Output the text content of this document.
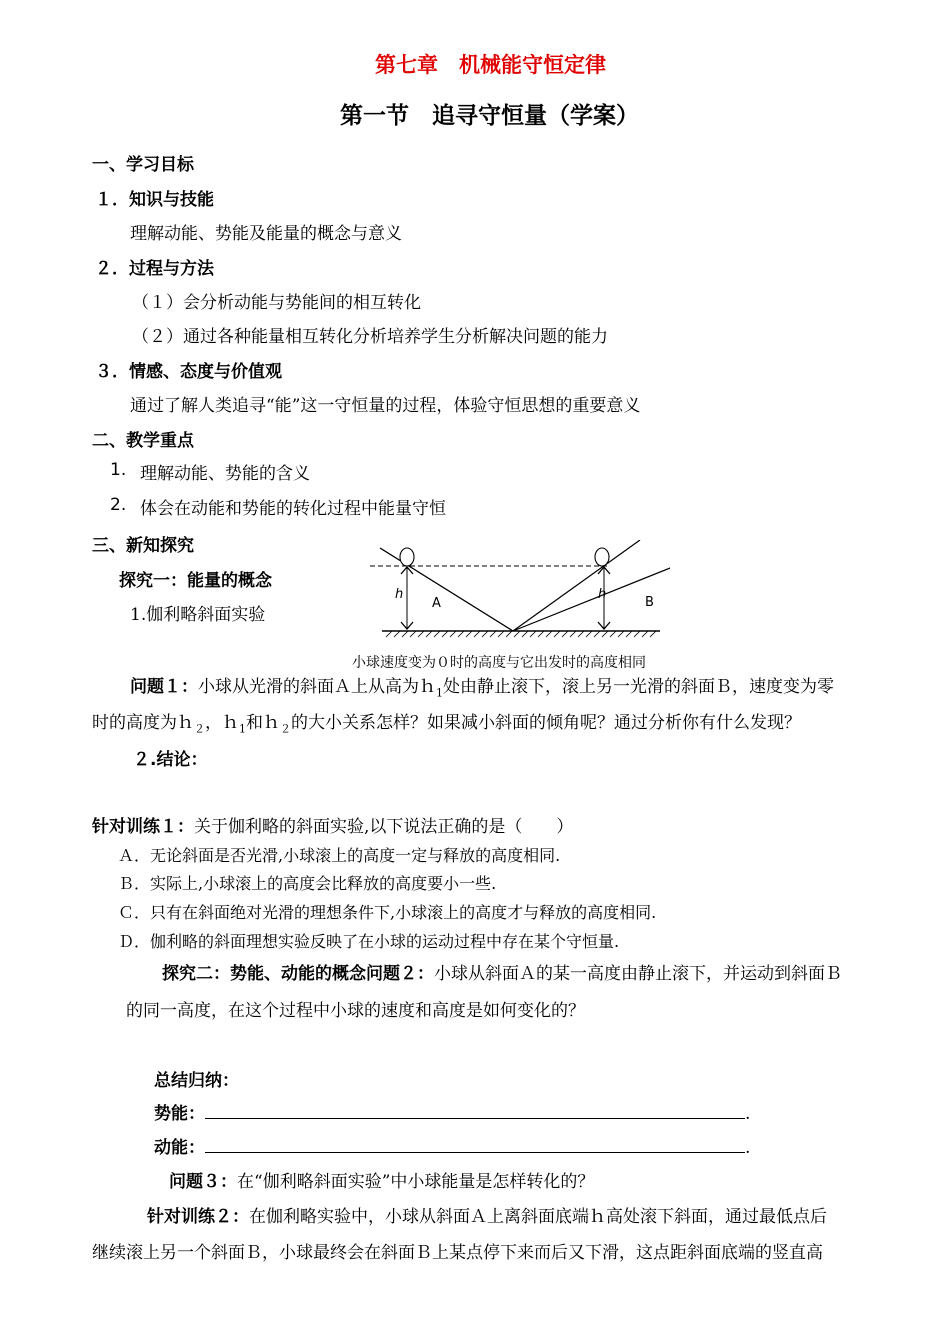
第七章　机械能守恒定律
第一节　追寻守恒量（学案）
一、学习目标
１．知识与技能
理解动能、势能及能量的概念与意义
２．过程与方法
（１）会分析动能与势能间的相互转化
（２）通过各种能量相互转化分析培养学生分析解决问题的能力
３．情感、态度与价值观
通过了解人类追寻“能”这一守恒量的过程，体验守恒思想的重要意义
二、教学重点
1. 理解动能、势能的含义
2. 体会在动能和势能的转化过程中能量守恒
三、新知探究
探究一：能量的概念
1.伽利略斜面实验
h
A
h
B
小球速度变为０时的高度与它出发时的高度相同
问题１：小球从光滑的斜面Ａ上从高为ｈ$_1$处由静止滚下，滚上另一光滑的斜面Ｂ，速度变为零
时的高度为ｈ$_2$，ｈ$_1$和ｈ$_2$的大小关系怎样？如果减小斜面的倾角呢？通过分析你有什么发现？
２.结论：
针对训练１：关于伽利略的斜面实验,以下说法正确的是（　　）
Ａ．无论斜面是否光滑,小球滚上的高度一定与释放的高度相同.
Ｂ．实际上,小球滚上的高度会比释放的高度要小一些.
Ｃ．只有在斜面绝对光滑的理想条件下,小球滚上的高度才与释放的高度相同.
Ｄ．伽利略的斜面理想实验反映了在小球的运动过程中存在某个守恒量.
探究二：势能、动能的概念问题２：小球从斜面Ａ的某一高度由静止滚下，并运动到斜面Ｂ
的同一高度，在这个过程中小球的速度和高度是如何变化的？
总结归纳：
势能：	.
动能：	.
问题３：在“伽利略斜面实验”中小球能量是怎样转化的？
针对训练２：在伽利略实验中，小球从斜面Ａ上离斜面底端ｈ高处滚下斜面，通过最低点后
继续滚上另一个斜面Ｂ，小球最终会在斜面Ｂ上某点停下来而后又下滑，这点距斜面底端的竖直高
